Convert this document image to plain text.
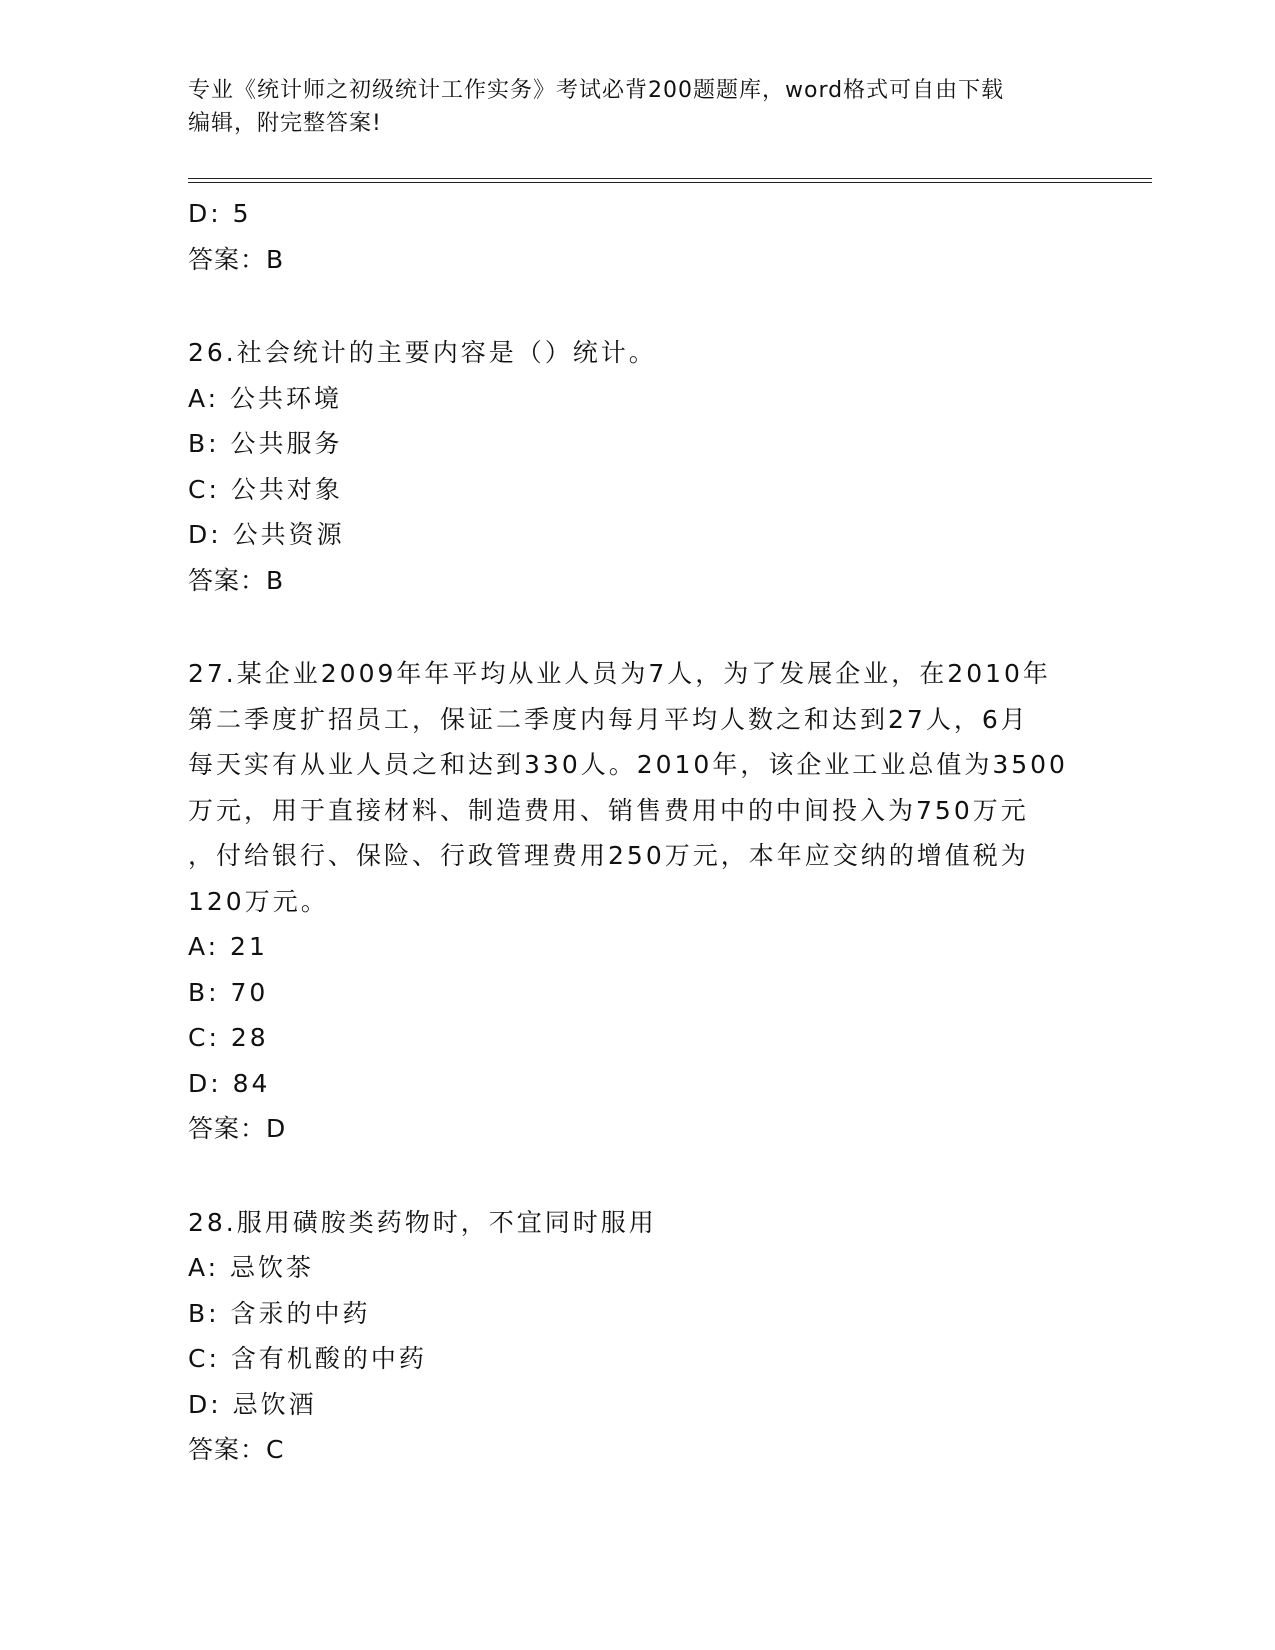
专业《统计师之初级统计工作实务》考试必背200题题库，word格式可自由下载
编辑，附完整答案!
D: 5
答案：B
26.社会统计的主要内容是（）统计。
A: 公共环境
B: 公共服务
C: 公共对象
D: 公共资源
答案：B
27.某企业2009年年平均从业人员为7人，为了发展企业，在2010年
第二季度扩招员工，保证二季度内每月平均人数之和达到27人，6月
每天实有从业人员之和达到330人。2010年，该企业工业总值为3500
万元，用于直接材料、制造费用、销售费用中的中间投入为750万元
，付给银行、保险、行政管理费用250万元，本年应交纳的增值税为
120万元。
A: 21
B: 70
C: 28
D: 84
答案：D
28.服用磺胺类药物时，不宜同时服用
A: 忌饮茶
B: 含汞的中药
C: 含有机酸的中药
D: 忌饮酒
答案：C
